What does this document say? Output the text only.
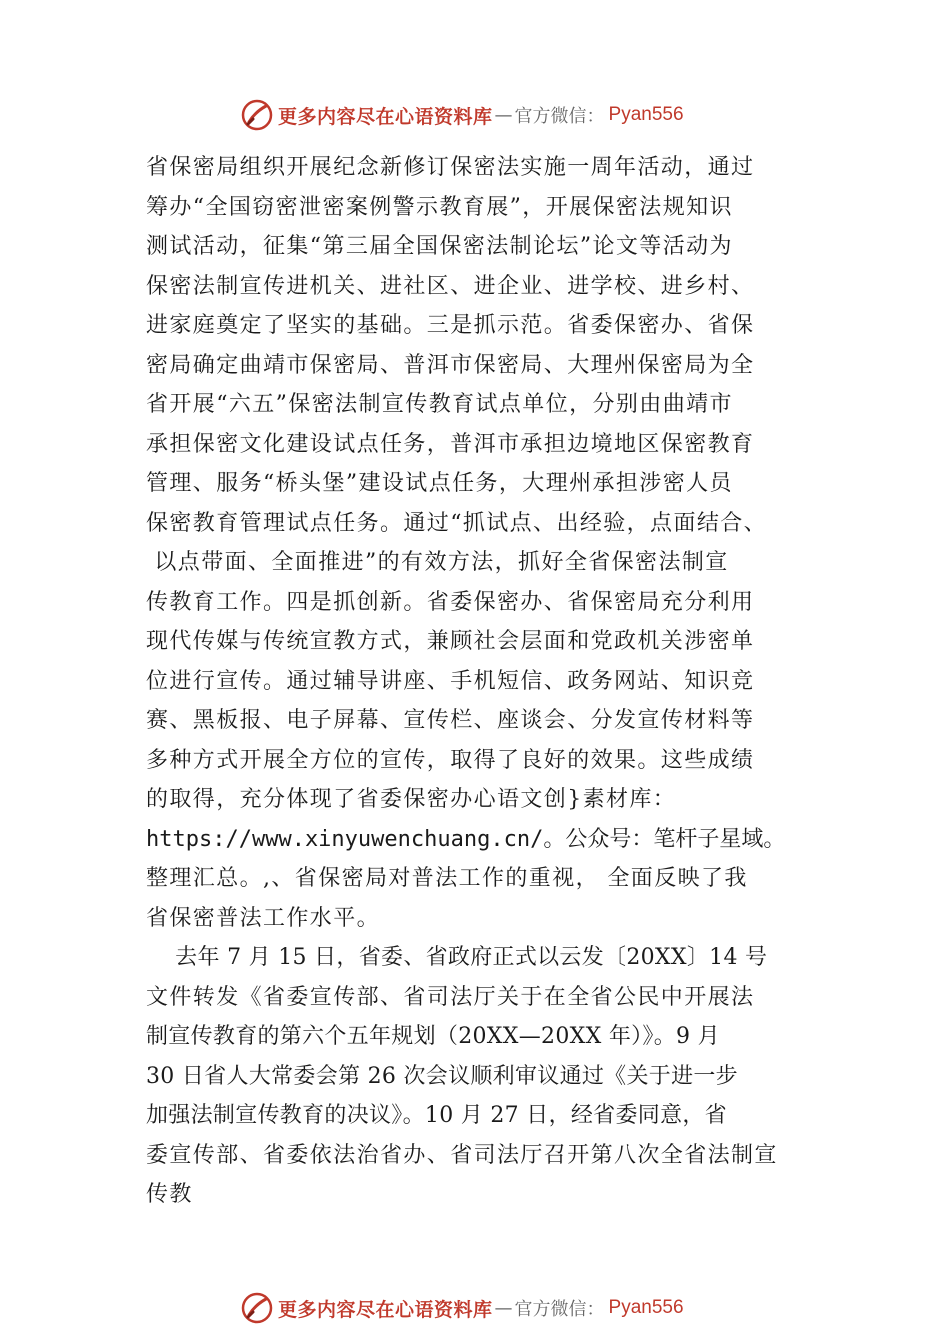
更多内容尽在心语资料库 — 官方微信： Pyan556
省保密局组织开展纪念新修订保密法实施一周年活动，通过
筹办“全国窃密泄密案例警示教育展”，开展保密法规知识
测试活动，征集“第三届全国保密法制论坛”论文等活动为
保密法制宣传进机关、进社区、进企业、进学校、进乡村、
进家庭奠定了坚实的基础。三是抓示范。省委保密办、省保
密局确定曲靖市保密局、普洱市保密局、大理州保密局为全
省开展“六五”保密法制宣传教育试点单位，分别由曲靖市
承担保密文化建设试点任务，普洱市承担边境地区保密教育
管理、服务“桥头堡”建设试点任务，大理州承担涉密人员
保密教育管理试点任务。通过“抓试点、出经验，点面结合、
以点带面、全面推进”的有效方法，抓好全省保密法制宣
传教育工作。四是抓创新。省委保密办、省保密局充分利用
现代传媒与传统宣教方式，兼顾社会层面和党政机关涉密单
位进行宣传。通过辅导讲座、手机短信、政务网站、知识竞
赛、黑板报、电子屏幕、宣传栏、座谈会、分发宣传材料等
多种方式开展全方位的宣传，取得了良好的效果。这些成绩
的取得，充分体现了省委保密办心语文创}素材库：
https://www.xinyuwenchuang.cn/。公众号：笔杆子星域。
整理汇总。,、省保密局对普法工作的重视， 全面反映了我
省保密普法工作水平。
去年 7 月 15 日，省委、省政府正式以云发〔20XX〕14 号
文件转发《省委宣传部、省司法厅关于在全省公民中开展法
制宣传教育的第六个五年规划（20XX—20XX 年）》。9 月
30 日省人大常委会第 26 次会议顺利审议通过《关于进一步
加强法制宣传教育的决议》。10 月 27 日，经省委同意，省
委宣传部、省委依法治省办、省司法厅召开第八次全省法制宣
传教
更多内容尽在心语资料库 — 官方微信： Pyan556
